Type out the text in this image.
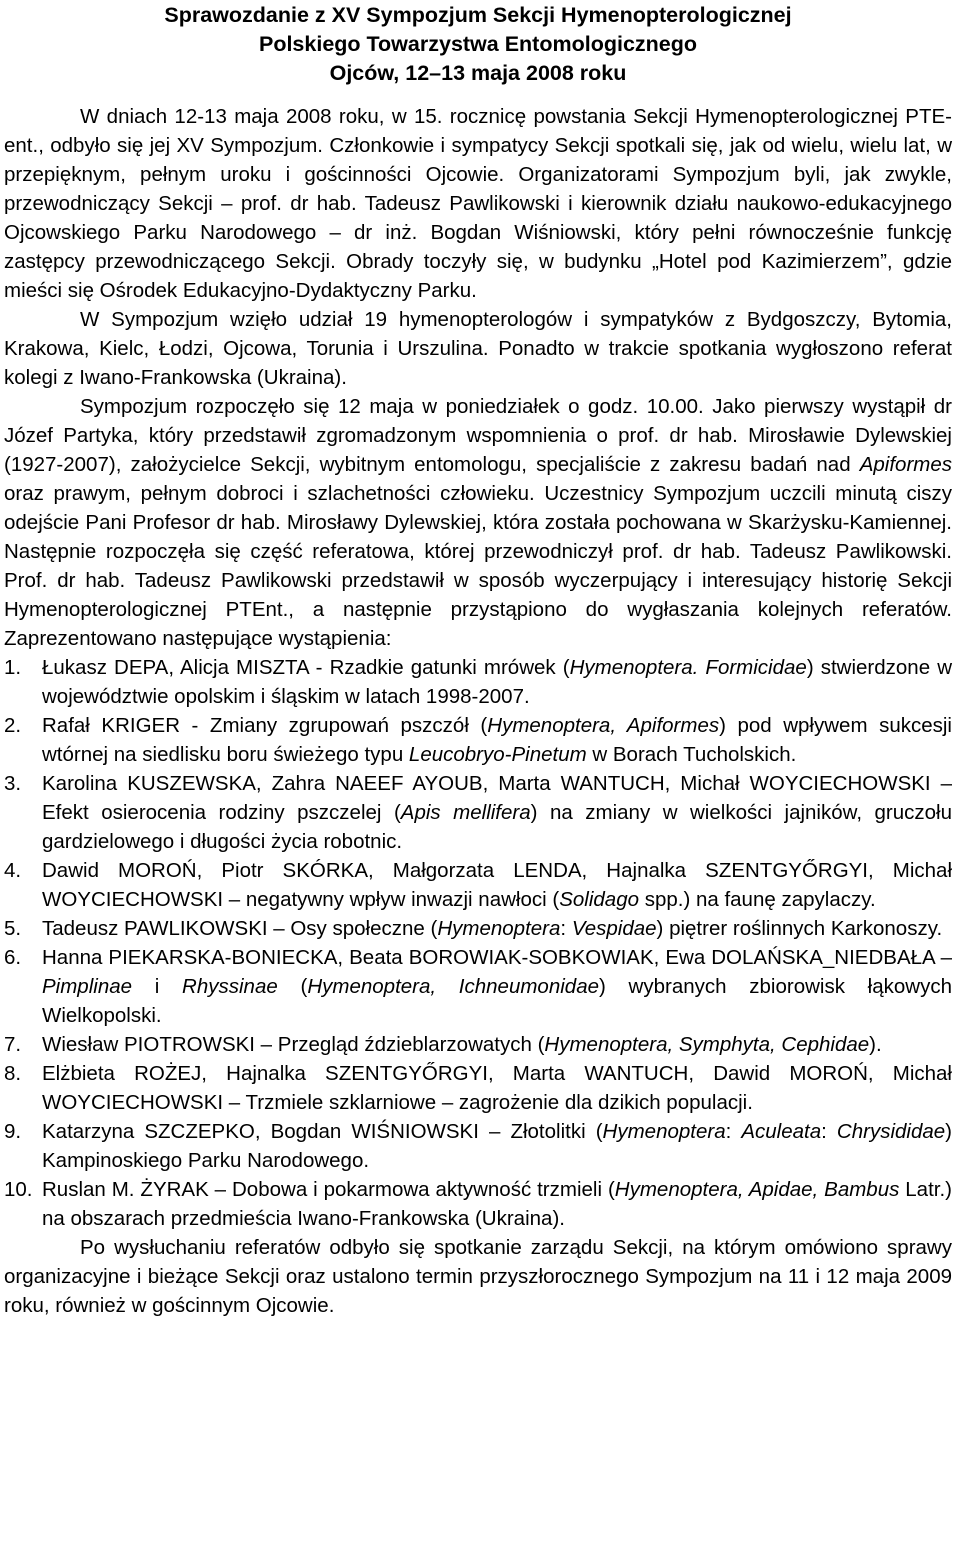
Sprawozdanie z XV Sympozjum Sekcji Hymenopterologicznej
Polskiego Towarzystwa Entomologicznego
Ojców, 12–13 maja 2008 roku

W dniach 12-13 maja 2008 roku, w 15. rocznicę powstania Sekcji Hymenopterologicznej PTE-ent., odbyło się jej XV Sympozjum. Członkowie i sympatycy Sekcji spotkali się, jak od wielu, wielu lat, w przepięknym, pełnym uroku i gościnności Ojcowie. Organizatorami Sympozjum byli, jak zwykle, przewodniczący Sekcji – prof. dr hab. Tadeusz Pawlikowski i kierownik działu naukowo-edukacyjnego Ojcowskiego Parku Narodowego – dr inż. Bogdan Wiśniowski, który pełni równocześnie funkcję zastępcy przewodniczącego Sekcji. Obrady toczyły się, w budynku „Hotel pod Kazimierzem”, gdzie mieści się Ośrodek Edukacyjno-Dydaktyczny Parku.

W Sympozjum wzięło udział 19 hymenopterologów i sympatyków z Bydgoszczy, Bytomia, Krakowa, Kielc, Łodzi, Ojcowa, Torunia i Urszulina. Ponadto w trakcie spotkania wygłoszono referat kolegi z Iwano-Frankowska (Ukraina).

Sympozjum rozpoczęło się 12 maja w poniedziałek o godz. 10.00. Jako pierwszy wystąpił dr Józef Partyka, który przedstawił zgromadzonym wspomnienia o prof. dr hab. Mirosławie Dylewskiej (1927-2007), założycielce Sekcji, wybitnym entomologu, specjaliście z zakresu badań nad Apiformes oraz prawym, pełnym dobroci i szlachetności człowieku. Uczestnicy Sympozjum uczcili minutą ciszy odejście Pani Profesor dr hab. Mirosławy Dylewskiej, która została pochowana w Skarżysku-Kamiennej. Następnie rozpoczęła się część referatowa, której przewodniczył prof. dr hab. Tadeusz Pawlikowski. Prof. dr hab. Tadeusz Pawlikowski przedstawił w sposób wyczerpujący i interesujący historię Sekcji Hymenopterologicznej PTEnt., a następnie przystąpiono do wygłaszania kolejnych referatów. Zaprezentowano następujące wystąpienia:

1. Łukasz DEPA, Alicja MISZTA - Rzadkie gatunki mrówek (Hymenoptera. Formicidae) stwierdzone w województwie opolskim i śląskim w latach 1998-2007.
2. Rafał KRIGER - Zmiany zgrupowań pszczół (Hymenoptera, Apiformes) pod wpływem sukcesji wtórnej na siedlisku boru świeżego typu Leucobryo-Pinetum w Borach Tucholskich.
3. Karolina KUSZEWSKA, Zahra NAEEF AYOUB, Marta WANTUCH, Michał WOYCIECHOWSKI – Efekt osierocenia rodziny pszczelej (Apis mellifera) na zmiany w wielkości jajników, gruczołu gardzielowego i długości życia robotnic.
4. Dawid MOROŃ, Piotr SKÓRKA, Małgorzata LENDA, Hajnalka SZENTGYŐRGYI, Michał WOYCIECHOWSKI – negatywny wpływ inwazji nawłoci (Solidago spp.) na faunę zapylaczy.
5. Tadeusz PAWLIKOWSKI – Osy społeczne (Hymenoptera: Vespidae) piętrer roślinnych Karkonoszy.
6. Hanna PIEKARSKA-BONIECKA, Beata BOROWIAK-SOBKOWIAK, Ewa DOLAŃSKA_NIEDBAŁA – Pimplinae i Rhyssinae (Hymenoptera, Ichneumonidae) wybranych zbiorowisk łąkowych Wielkopolski.
7. Wiesław PIOTROWSKI – Przegląd ździeblarzowatych (Hymenoptera, Symphyta, Cephidae).
8. Elżbieta ROŻEJ, Hajnalka SZENTGYŐRGYI, Marta WANTUCH, Dawid MOROŃ, Michał WOYCIECHOWSKI – Trzmiele szklarniowe – zagrożenie dla dzikich populacji.
9. Katarzyna SZCZEPKO, Bogdan WIŚNIOWSKI – Złotolitki (Hymenoptera: Aculeata: Chrysididae) Kampinoskiego Parku Narodowego.
10. Ruslan M. ŻYRAK – Dobowa i pokarmowa aktywność trzmieli (Hymenoptera, Apidae, Bambus Latr.) na obszarach przedmieścia Iwano-Frankowska (Ukraina).

Po wysłuchaniu referatów odbyło się spotkanie zarządu Sekcji, na którym omówiono sprawy organizacyjne i bieżące Sekcji oraz ustalono termin przyszłorocznego Sympozjum na 11 i 12 maja 2009 roku, również w gościnnym Ojcowie.
